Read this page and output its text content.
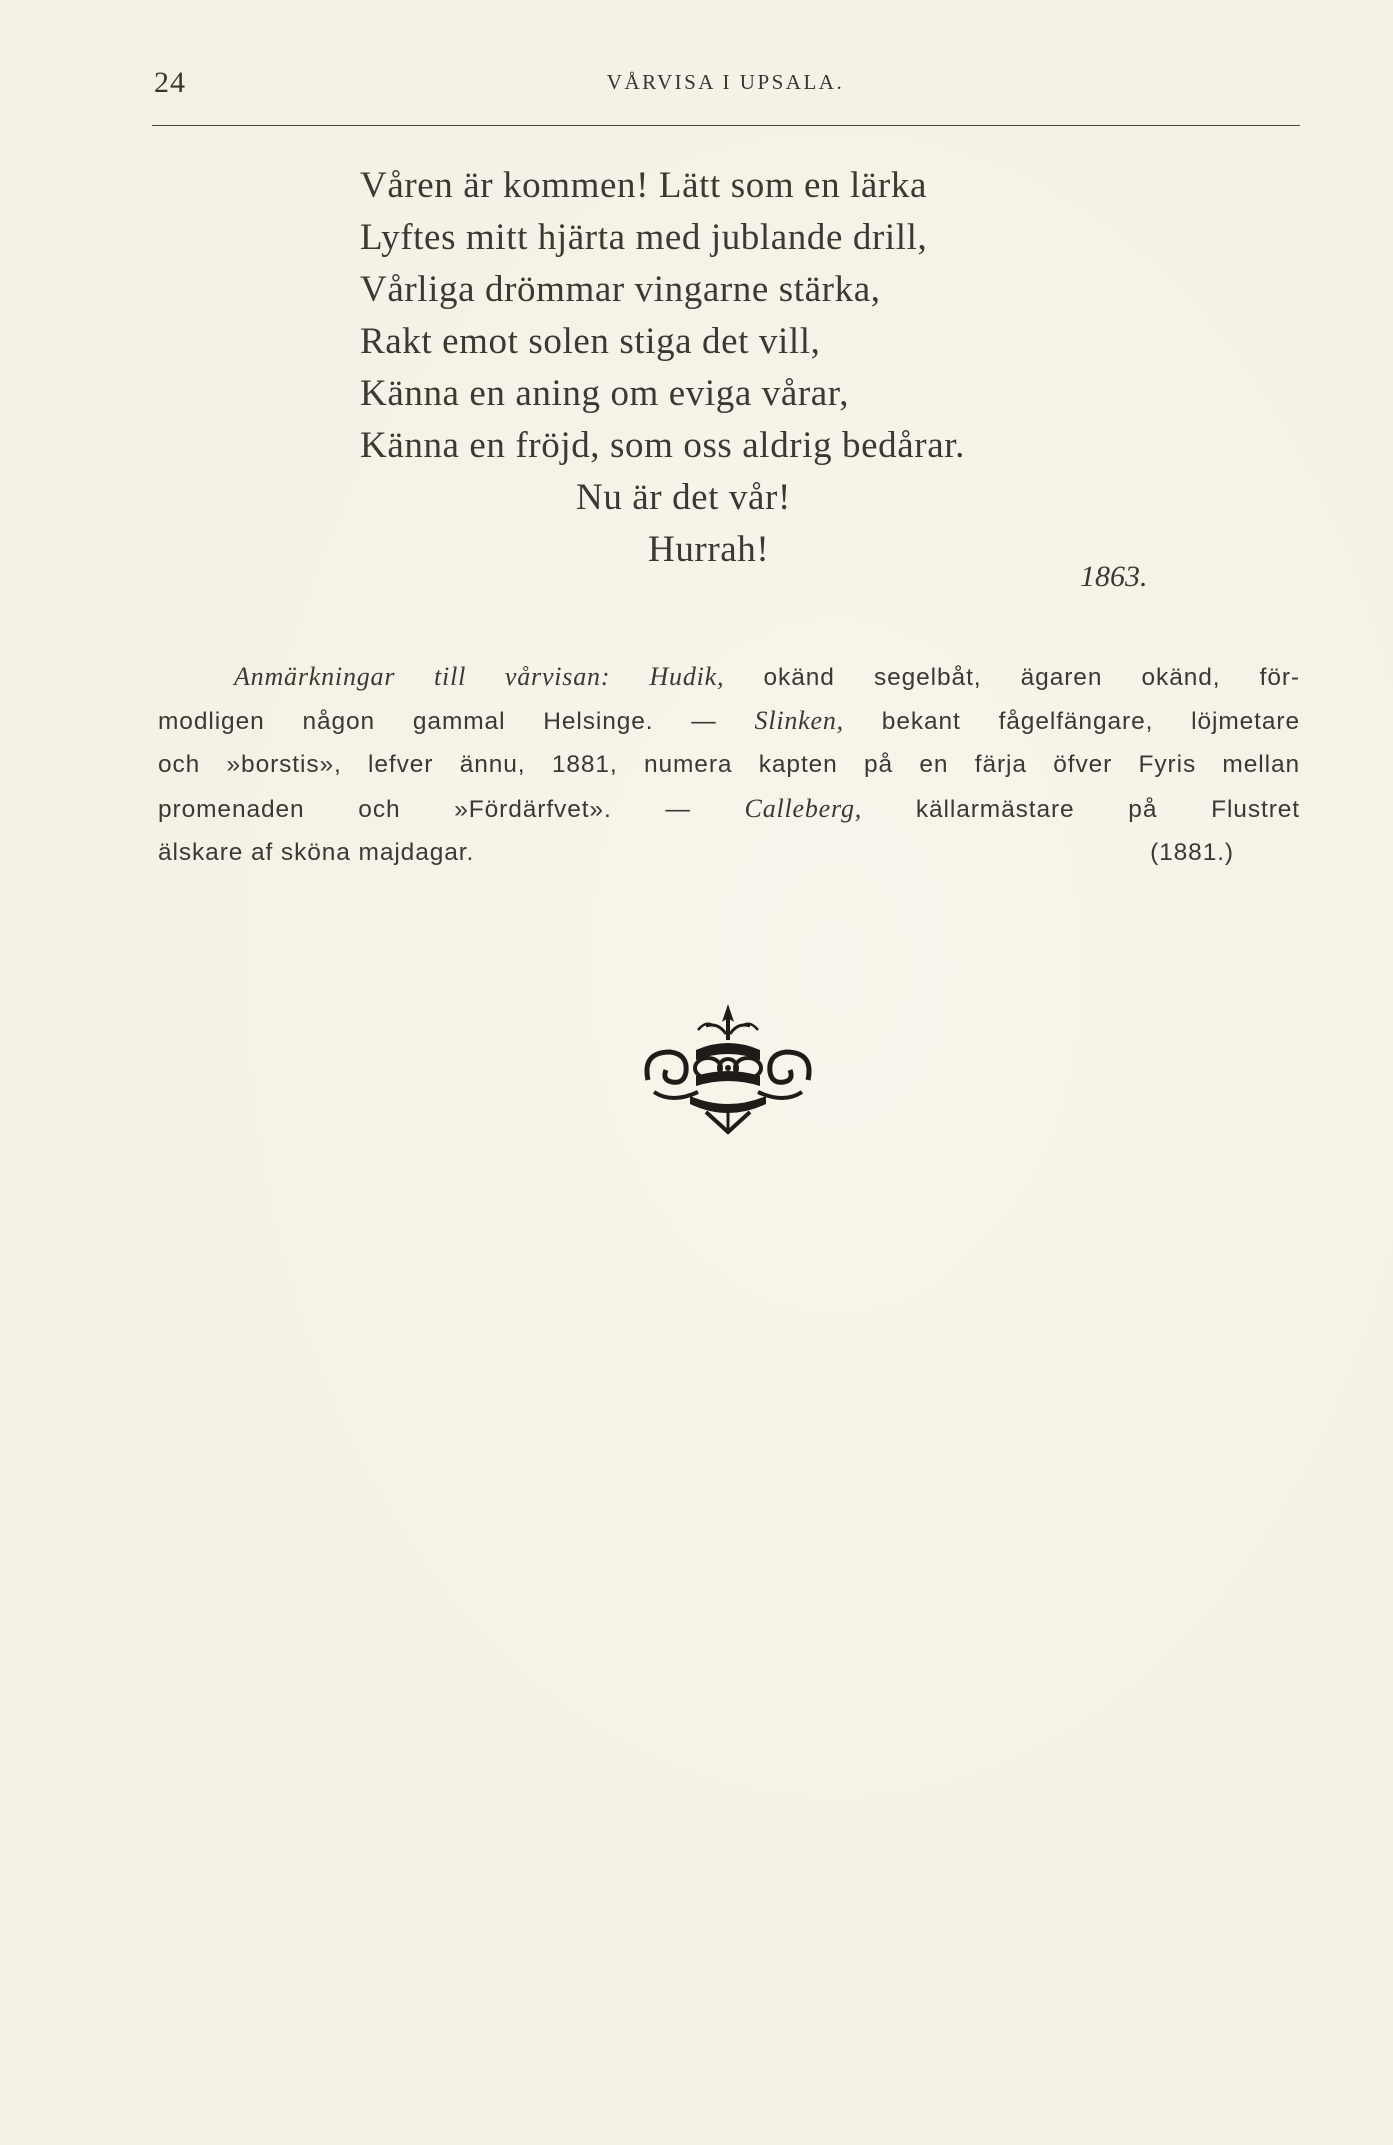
24	VÅRVISA I UPSALA.
Våren är kommen! Lätt som en lärka
Lyftes mitt hjärta med jublande drill,
Vårliga drömmar vingarne stärka,
Rakt emot solen stiga det vill,
Känna en aning om eviga vårar,
Känna en fröjd, som oss aldrig bedårar.
Nu är det vår!
Hurrah!
1863.
Anmärkningar till vårvisan: Hudik, okänd segelbåt, ägaren okänd, för-
modligen någon gammal Helsinge. — Slinken, bekant fågelfängare, löjmetare
och »borstis», lefver ännu, 1881, numera kapten på en färja öfver Fyris mellan
promenaden och »Fördärfvet». — Calleberg, källarmästare på Flustret
älskare af sköna majdagar.	(1881.)
